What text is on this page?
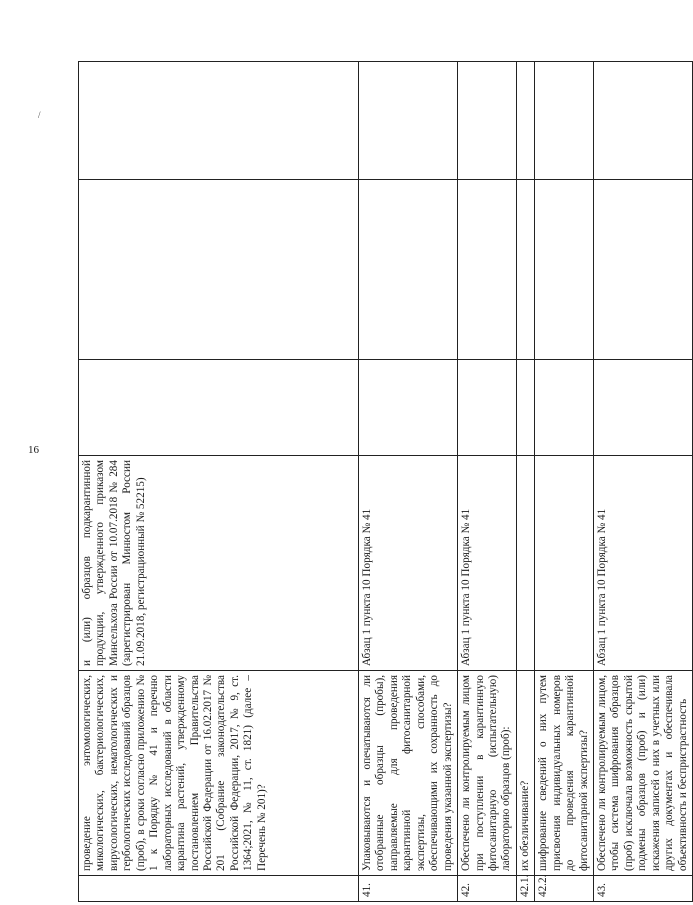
16
/
	проведение энтомологических, микологических, бактериологических, вирусологических, нематологических и гербологических исследований образцов (проб), в сроки согласно приложению № 1 к Порядку № 41 и перечню лабораторных исследований в области карантина растений, утвержденному постановлением Правительства Российской Федерации от 16.02.2017 № 201 (Собрание законодательства Российской Федерации, 2017, № 9, ст. 1364;2021, № 11, ст. 1821) (далее – Перечень № 201)?	и (или) образцов подкарантинной продукции, утвержденного приказом Минсельхоза России от 10.07.2018 № 284 (зарегистрирован Минюстом России 21.09.2018, регистрационный № 52215)			
41.	Упаковываются и опечатываются ли отобранные образцы (пробы), направляемые для проведения карантинной фитосанитарной экспертизы, способами, обеспечивающими их сохранность до проведения указанной экспертизы?	Абзац 1 пункта 10 Порядка № 41			
42.	Обеспечено ли контролируемым лицом при поступлении в карантинную фитосанитарную (испытательную) лабораторию образцов (проб):	Абзац 1 пункта 10 Порядка № 41			
42.1.	их обезличивание?				
42.2.	шифрование сведений о них путем присвоения индивидуальных номеров до проведения карантинной фитосанитарной экспертизы?				
43.	Обеспечено ли контролируемым лицом, чтобы система шифрования образцов (проб) исключала возможность скрытой подмены образцов (проб) и (или) искажения записей о них в учетных или других документах и обеспечивала объективность и беспристрастность	Абзац 1 пункта 10 Порядка № 41			
